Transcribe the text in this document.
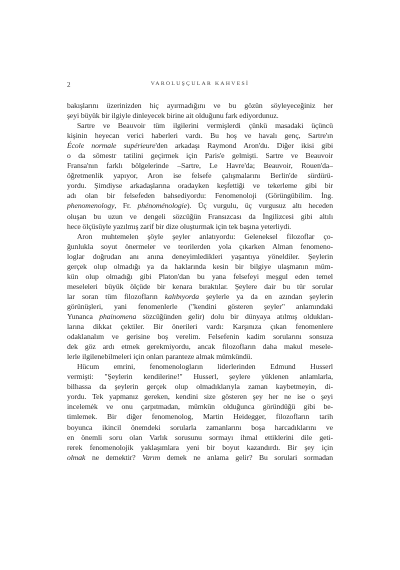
2	VAROLUŞÇULAR KAHVESİ
bakışlarını üzerinizden hiç ayırmadığını ve bu gözün söyleyeceğiniz her
şeyi büyük bir ilgiyle dinleyecek birine ait olduğunu fark ediyordunuz.
Sartre ve Beauvoir tüm ilgilerini vermişlerdi çünkü masadaki üçüncü
kişinin heyecan verici haberleri vardı. Bu hoş ve havalı genç, Sartre'ın
École normale supérieure'den arkadaşı Raymond Aron'du. Diğer ikisi gibi
o da sömestr tatilini geçirmek için Paris'e gelmişti. Sartre ve Beauvoir
Fransa'nın farklı bölgelerinde –Sartre, Le Havre'da; Beauvoir, Rouen'da–
öğretmenlik yapıyor, Aron ise felsefe çalışmalarını Berlin'de sürdürü-
yordu. Şimdiyse arkadaşlarına oradayken keşfettiği ve tekerleme gibi bir
adı olan bir felsefeden bahsediyordu: Fenomenoloji (Görüngübilim. İng.
phenomenology, Fr. phénoménologie). Üç vurgulu, üç vurgusuz altı heceden
oluşan bu uzun ve dengeli sözcüğün Fransızcası da İngilizcesi gibi altılı
hece ölçüsüyle yazılmış zarif bir dize oluşturmak için tek başına yeterliydi.
Aron muhtemelen şöyle şeyler anlatıyordu: Geleneksel filozoflar ço-
ğunlukla soyut önermeler ve teorilerden yola çıkarken Alman fenomeno-
loglar doğrudan anı anına deneyimledikleri yaşantıya yöneldiler. Şeylerin
gerçek olup olmadığı ya da haklarında kesin bir bilgiye ulaşmanın müm-
kün olup olmadığı gibi Platon'dan bu yana felsefeyi meşgul eden temel
meseleleri büyük ölçüde bir kenara bıraktılar. Şeylere dair bu tür sorular
lar soran tüm filozofların kalıbıyorda şeylerle ya da en azından şeylerin
görünüşleri, yani fenomenlerle ("kendini gösteren şeyler" anlamındaki
Yunanca phainomena sözcüğünden gelir) dolu bir dünyaya atılmış oldukları-
larına dikkat çektiler. Bir önerileri vardı: Karşınıza çıkan fenomenlere
odaklanalım ve gerisine boş verelim. Felsefenin kadim sorularını sonsuza
dek göz ardı etmek gerekmiyordu, ancak filozofların daha makul mesele-
lerle ilgilenebilmeleri için onları parantezе almak mümkündü.
Hücum emrini, fenomenologların liderlerinden Edmund Husserl
vermişti: "Şeylerin kendilerine!" Husserl, şeylere yüklenen anlamlarla,
bilhassa da şeylerin gerçek olup olmadıklarıyla zaman kaybetmeyin, di-
yordu. Tek yapmanız gereken, kendini size gösteren şey her ne ise o şeyi
incelemėk ve onu çarpıtmadan, mümkün olduğunca göründüğü gibi be-
timlemek. Bir diğer fenomenolog, Martin Heidegger, filozofların tarih
boyunca ikincil önemdeki sorularla zamanlarını boşa harcadıklarını ve
en önemli soru olan Varlık sorusunu sormayı ihmal ettiklerini dile geti-
rerek fenomenolojik yaklaşımlara yeni bir boyut kazandırdı. Bir şey için
olmak ne demektir? Varım demek ne anlama gelir? Bu sorulari sormadan
